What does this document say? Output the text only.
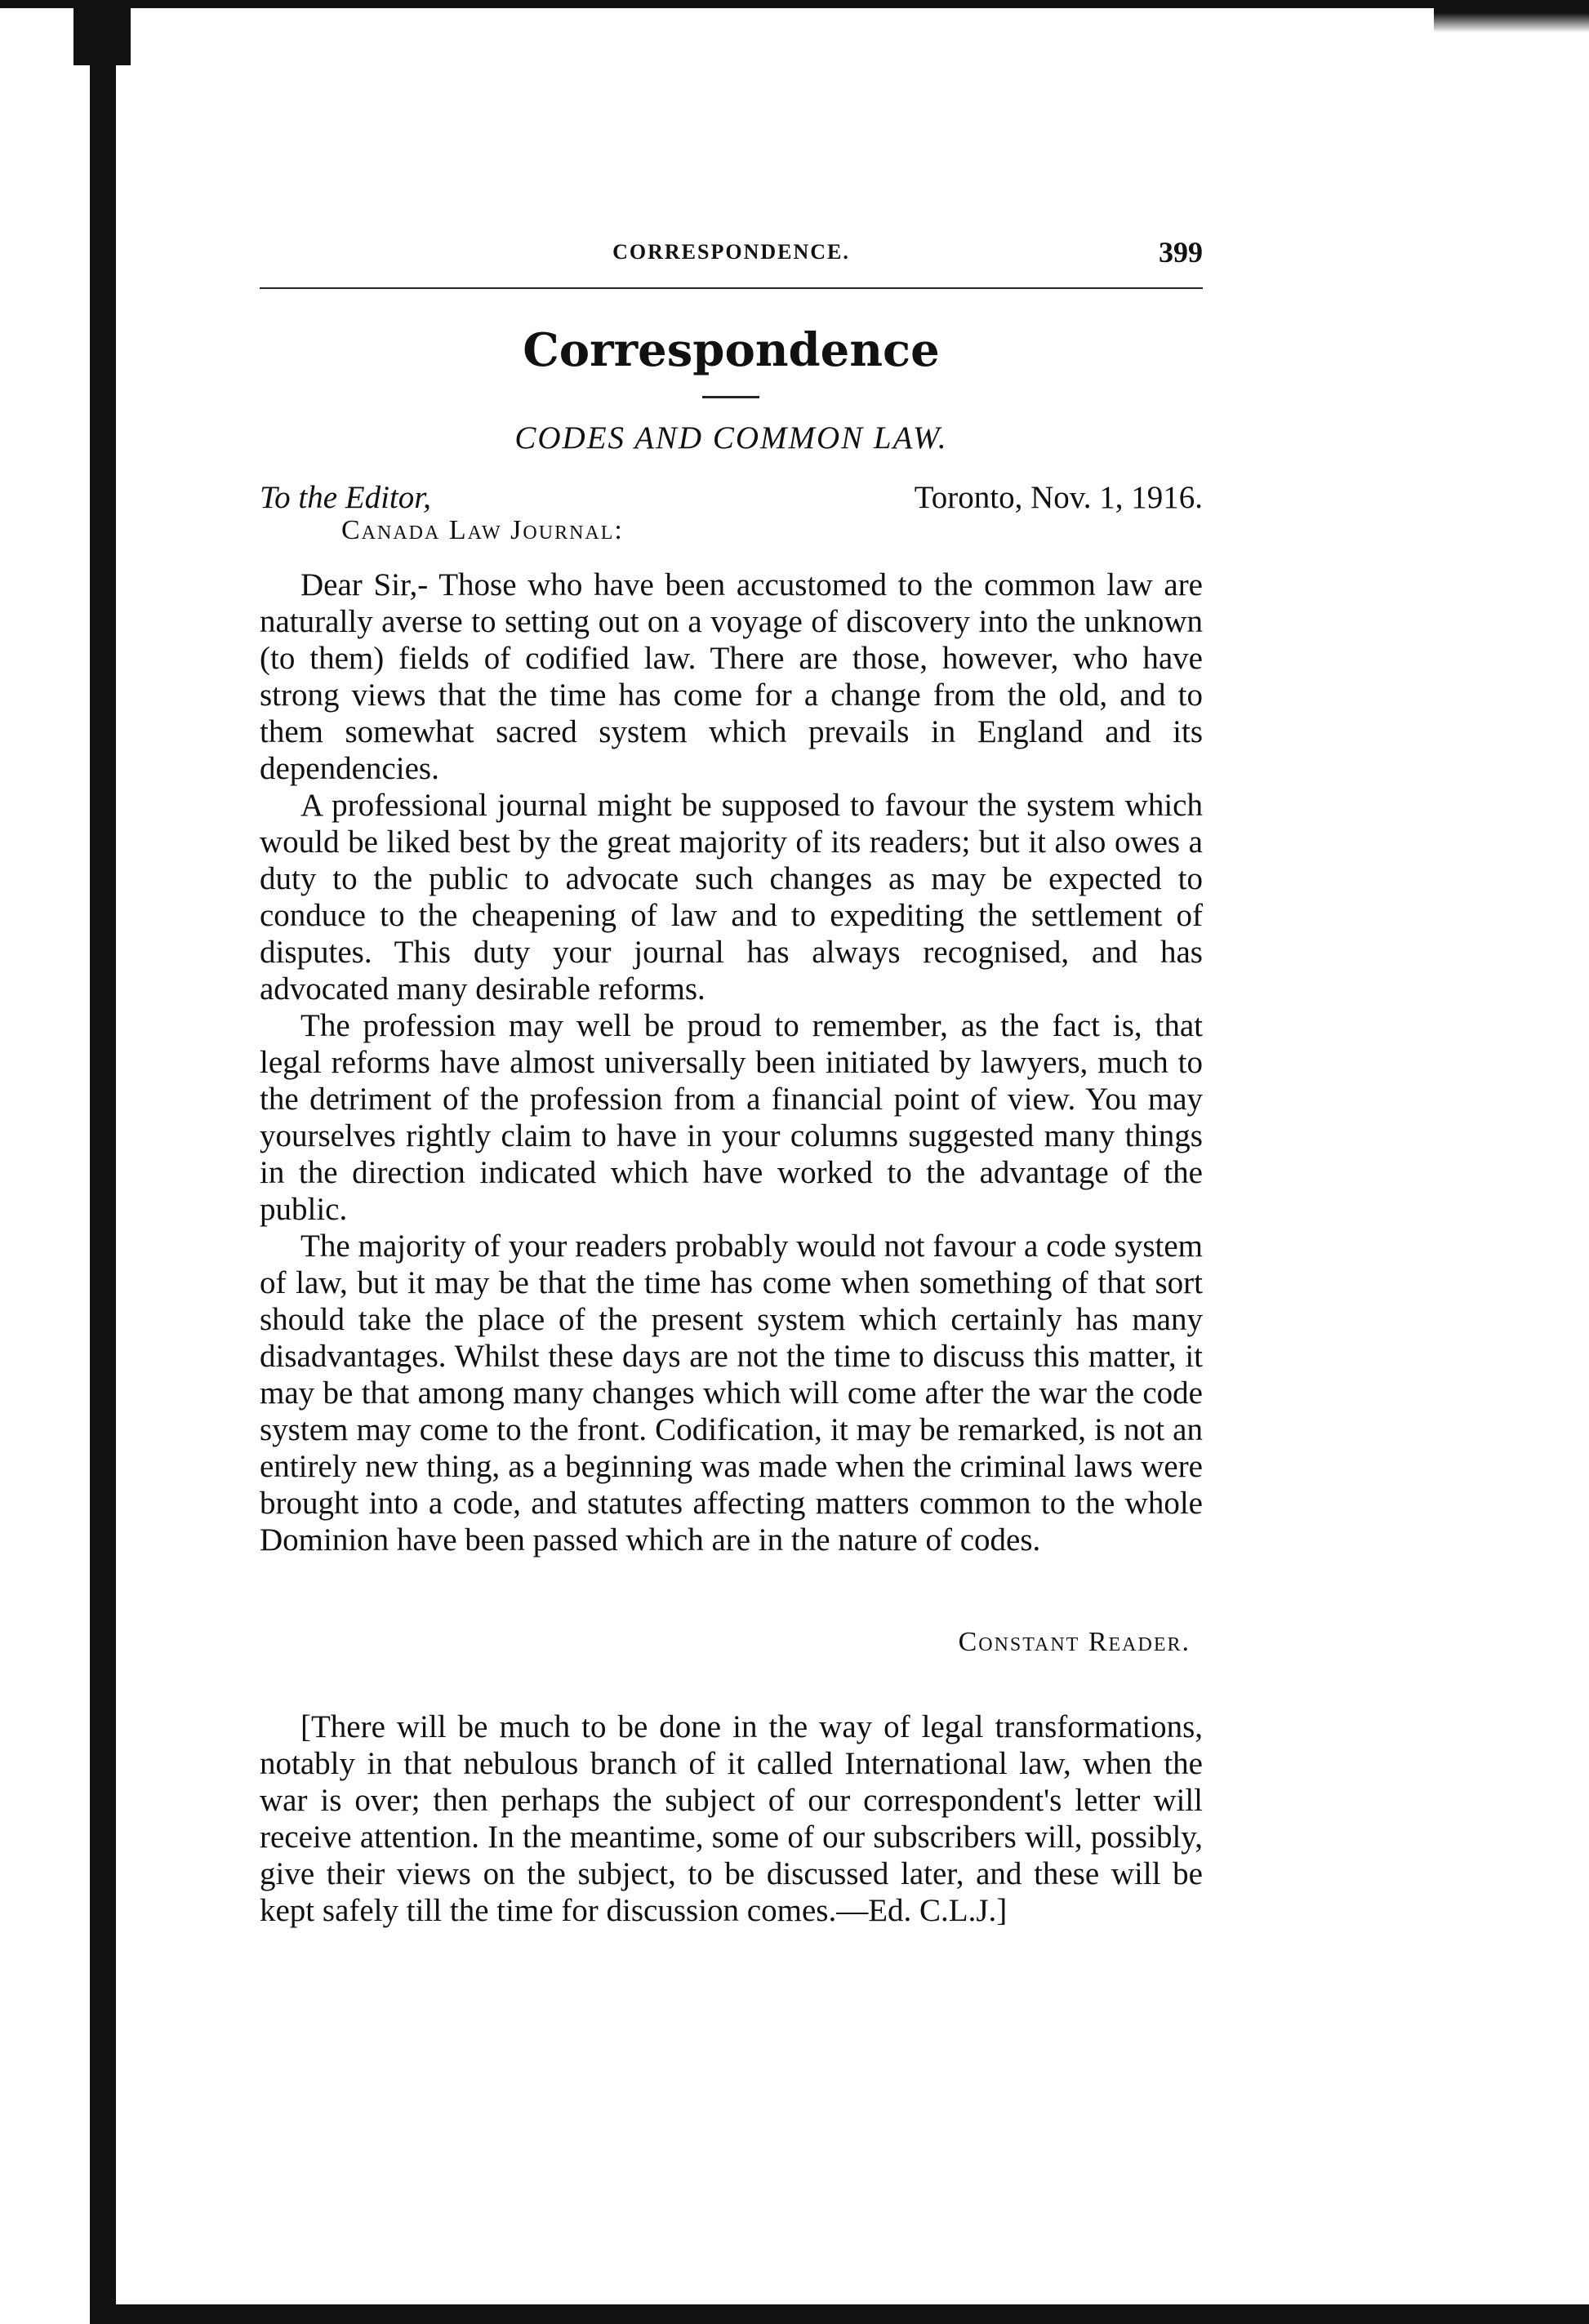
CORRESPONDENCE.	399
Correspondence
CODES AND COMMON LAW.
To the Editor,	Toronto, Nov. 1, 1916.
Canada Law Journal:

Dear Sir,- Those who have been accustomed to the common law are naturally averse to setting out on a voyage of discovery into the unknown (to them) fields of codified law. There are those, however, who have strong views that the time has come for a change from the old, and to them somewhat sacred system which prevails in England and its dependencies.

A professional journal might be supposed to favour the system which would be liked best by the great majority of its readers; but it also owes a duty to the public to advocate such changes as may be expected to conduce to the cheapening of law and to expediting the settlement of disputes. This duty your journal has always recognised, and has advocated many desirable reforms.

The profession may well be proud to remember, as the fact is, that legal reforms have almost universally been initiated by lawyers, much to the detriment of the profession from a financial point of view. You may yourselves rightly claim to have in your columns suggested many things in the direction indicated which have worked to the advantage of the public.

The majority of your readers probably would not favour a code system of law, but it may be that the time has come when something of that sort should take the place of the present system which certainly has many disadvantages. Whilst these days are not the time to discuss this matter, it may be that among many changes which will come after the war the code system may come to the front. Codification, it may be remarked, is not an entirely new thing, as a beginning was made when the criminal laws were brought into a code, and statutes affecting matters common to the whole Dominion have been passed which are in the nature of codes.

Constant Reader.

[There will be much to be done in the way of legal transformations, notably in that nebulous branch of it called International law, when the war is over; then perhaps the subject of our correspondent's letter will receive attention. In the meantime, some of our subscribers will, possibly, give their views on the subject, to be discussed later, and these will be kept safely till the time for discussion comes.—Ed. C.L.J.]
